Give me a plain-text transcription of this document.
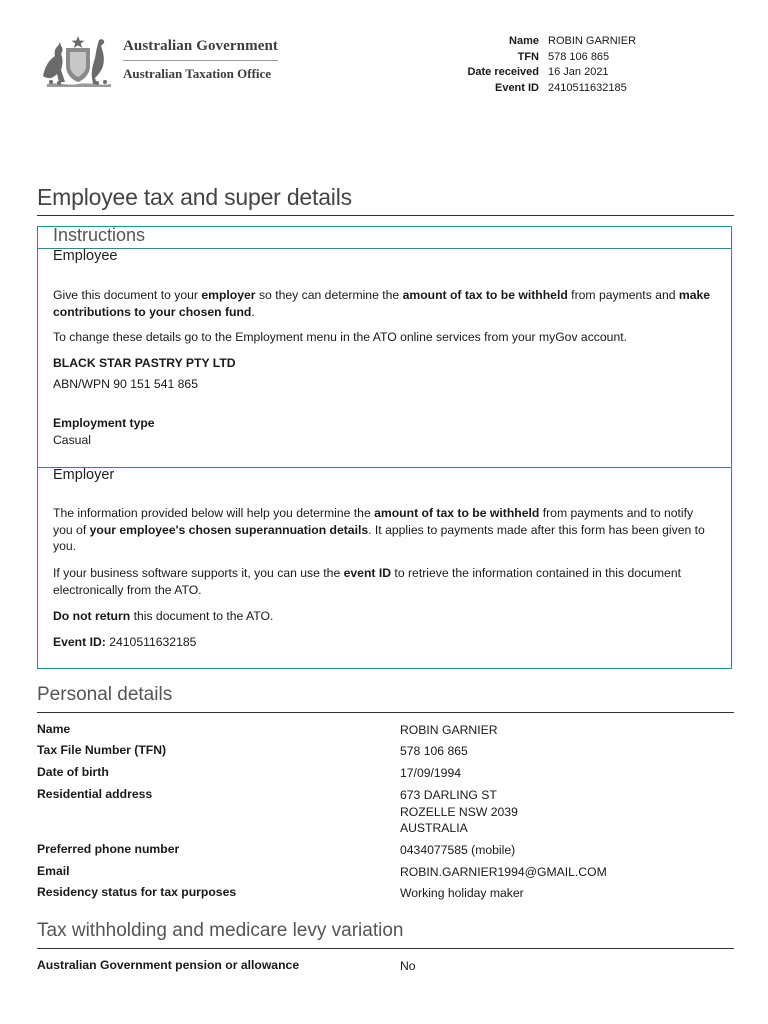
Australian Government
Australian Taxation Office
Name ROBIN GARNIER
TFN 578 106 865
Date received 16 Jan 2021
Event ID 2410511632185
Employee tax and super details
Instructions
Employee

Give this document to your employer so they can determine the amount of tax to be withheld from payments and make contributions to your chosen fund.

To change these details go to the Employment menu in the ATO online services from your myGov account.

BLACK STAR PASTRY PTY LTD

ABN/WPN 90 151 541 865

Employment type

Casual

Employer

The information provided below will help you determine the amount of tax to be withheld from payments and to notify you of your employee's chosen superannuation details. It applies to payments made after this form has been given to you.

If your business software supports it, you can use the event ID to retrieve the information contained in this document electronically from the ATO.

Do not return this document to the ATO.

Event ID: 2410511632185

Personal details
Name	ROBIN GARNIER
Tax File Number (TFN)	578 106 865
Date of birth	17/09/1994
Residential address	673 DARLING ST
ROZELLE NSW 2039
AUSTRALIA
Preferred phone number	0434077585 (mobile)
Email	ROBIN.GARNIER1994@GMAIL.COM
Residency status for tax purposes	Working holiday maker
Tax withholding and medicare levy variation
Australian Government pension or allowance	No
